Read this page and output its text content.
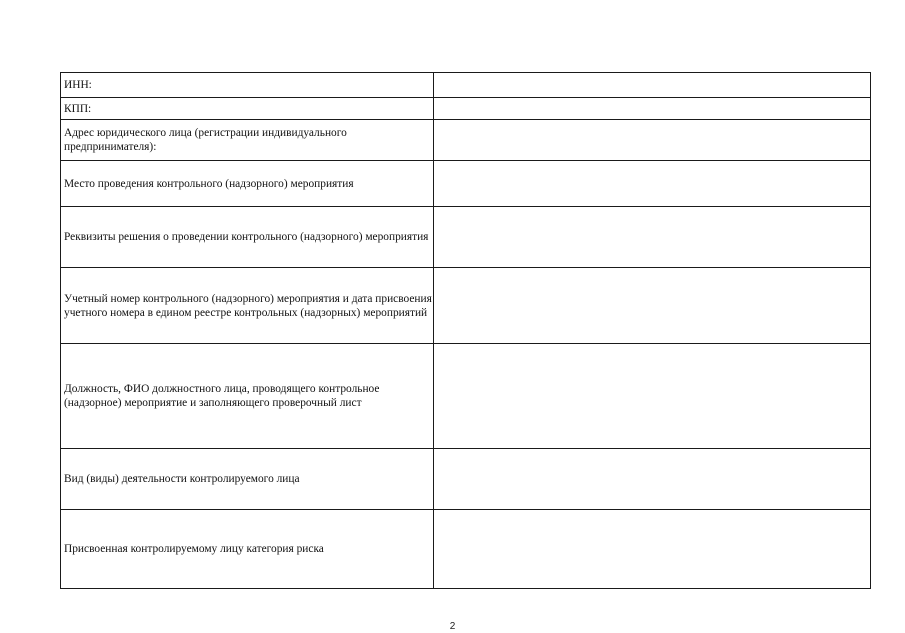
ИНН:	
КПП:	
Адрес юридического лица (регистрации индивидуального предпринимателя):	
Место проведения контрольного (надзорного) мероприятия	
Реквизиты решения о проведении контрольного (надзорного) мероприятия	
Учетный номер контрольного (надзорного) мероприятия и дата присвоения учетного номера в едином реестре контрольных (надзорных) мероприятий	
Должность, ФИО должностного лица, проводящего контрольное (надзорное) мероприятие и заполняющего проверочный лист	
Вид (виды) деятельности контролируемого лица	
Присвоенная контролируемому лицу категория риска	
2
